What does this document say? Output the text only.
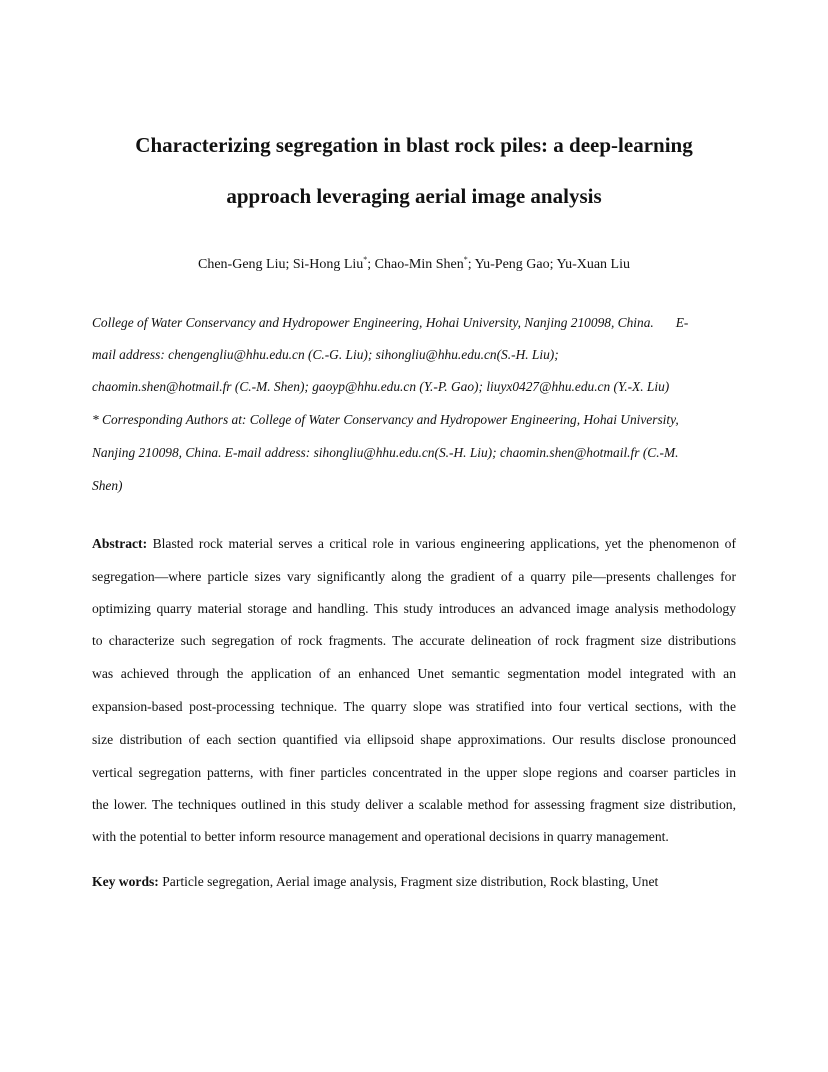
Characterizing segregation in blast rock piles: a deep-learning
approach leveraging aerial image analysis
Chen-Geng Liu; Si-Hong Liu*; Chao-Min Shen*; Yu-Peng Gao; Yu-Xuan Liu
College of Water Conservancy and Hydropower Engineering, Hohai University, Nanjing 210098, China. E-
mail address: chengengliu@hhu.edu.cn (C.-G. Liu); sihongliu@hhu.edu.cn(S.-H. Liu);
chaomin.shen@hotmail.fr (C.-M. Shen); gaoyp@hhu.edu.cn (Y.-P. Gao); liuyx0427@hhu.edu.cn (Y.-X. Liu)
* Corresponding Authors at: College of Water Conservancy and Hydropower Engineering, Hohai University,
Nanjing 210098, China. E-mail address: sihongliu@hhu.edu.cn(S.-H. Liu); chaomin.shen@hotmail.fr (C.-M.
Shen)
Abstract: Blasted rock material serves a critical role in various engineering applications, yet the phenomenon of
segregation—where particle sizes vary significantly along the gradient of a quarry pile—presents challenges for
optimizing quarry material storage and handling. This study introduces an advanced image analysis methodology
to characterize such segregation of rock fragments. The accurate delineation of rock fragment size distributions
was achieved through the application of an enhanced Unet semantic segmentation model integrated with an
expansion-based post-processing technique. The quarry slope was stratified into four vertical sections, with the
size distribution of each section quantified via ellipsoid shape approximations. Our results disclose pronounced
vertical segregation patterns, with finer particles concentrated in the upper slope regions and coarser particles in
the lower. The techniques outlined in this study deliver a scalable method for assessing fragment size distribution,
with the potential to better inform resource management and operational decisions in quarry management.
Key words: Particle segregation, Aerial image analysis, Fragment size distribution, Rock blasting, Unet
